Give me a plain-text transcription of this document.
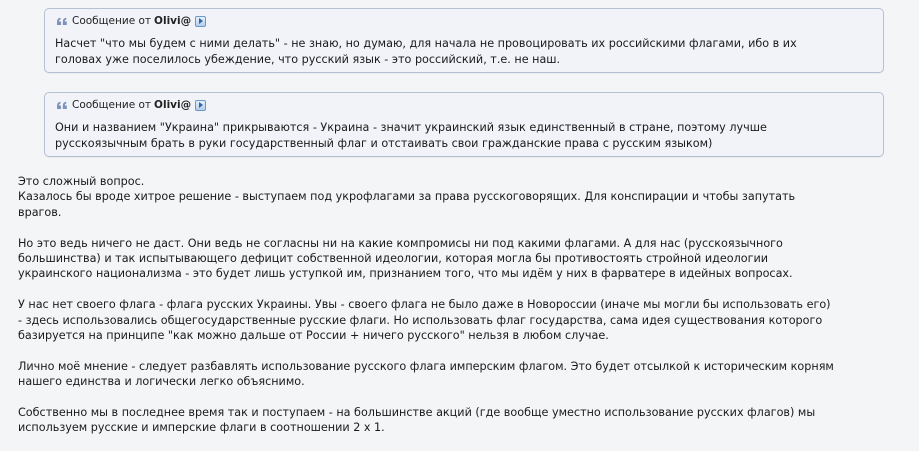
Сообщение от Olivi@
Насчет "что мы будем с ними делать" - не знаю, но думаю, для начала не провоцировать их российскими флагами, ибо в их
головах уже поселилось убеждение, что русский язык - это российский, т.е. не наш.
Сообщение от Olivi@
Они и названием "Украина" прикрываются - Украина - значит украинский язык единственный в стране, поэтому лучше
русскоязычным брать в руки государственный флаг и отстаивать свои гражданские права с русским языком)

Это сложный вопрос.
Казалось бы вроде хитрое решение - выступаем под укрофлагами за права русскоговорящих. Для конспирации и чтобы запутать
врагов.

Но это ведь ничего не даст. Они ведь не согласны ни на какие компромисы ни под какими флагами. А для нас (русскоязычного
большинства) и так испытывающего дефицит собственной идеологии, которая могла бы противостоять стройной идеологии
украинского национализма - это будет лишь уступкой им, признанием того, что мы идём у них в фарватере в идейных вопросах.

У нас нет своего флага - флага русских Украины. Увы - своего флага не было даже в Новороссии (иначе мы могли бы использовать его)
- здесь использовались общегосударственные русские флаги. Но использовать флаг государства, сама идея существования которого
базируется на принципе "как можно дальше от России + ничего русского" нельзя в любом случае.

Лично моё мнение - следует разбавлять использование русского флага имперским флагом. Это будет отсылкой к историческим корням
нашего единства и логически легко объяснимо.

Собственно мы в последнее время так и поступаем - на большинстве акций (где вообще уместно использование русских флагов) мы
используем русские и имперские флаги в соотношении 2 х 1.
